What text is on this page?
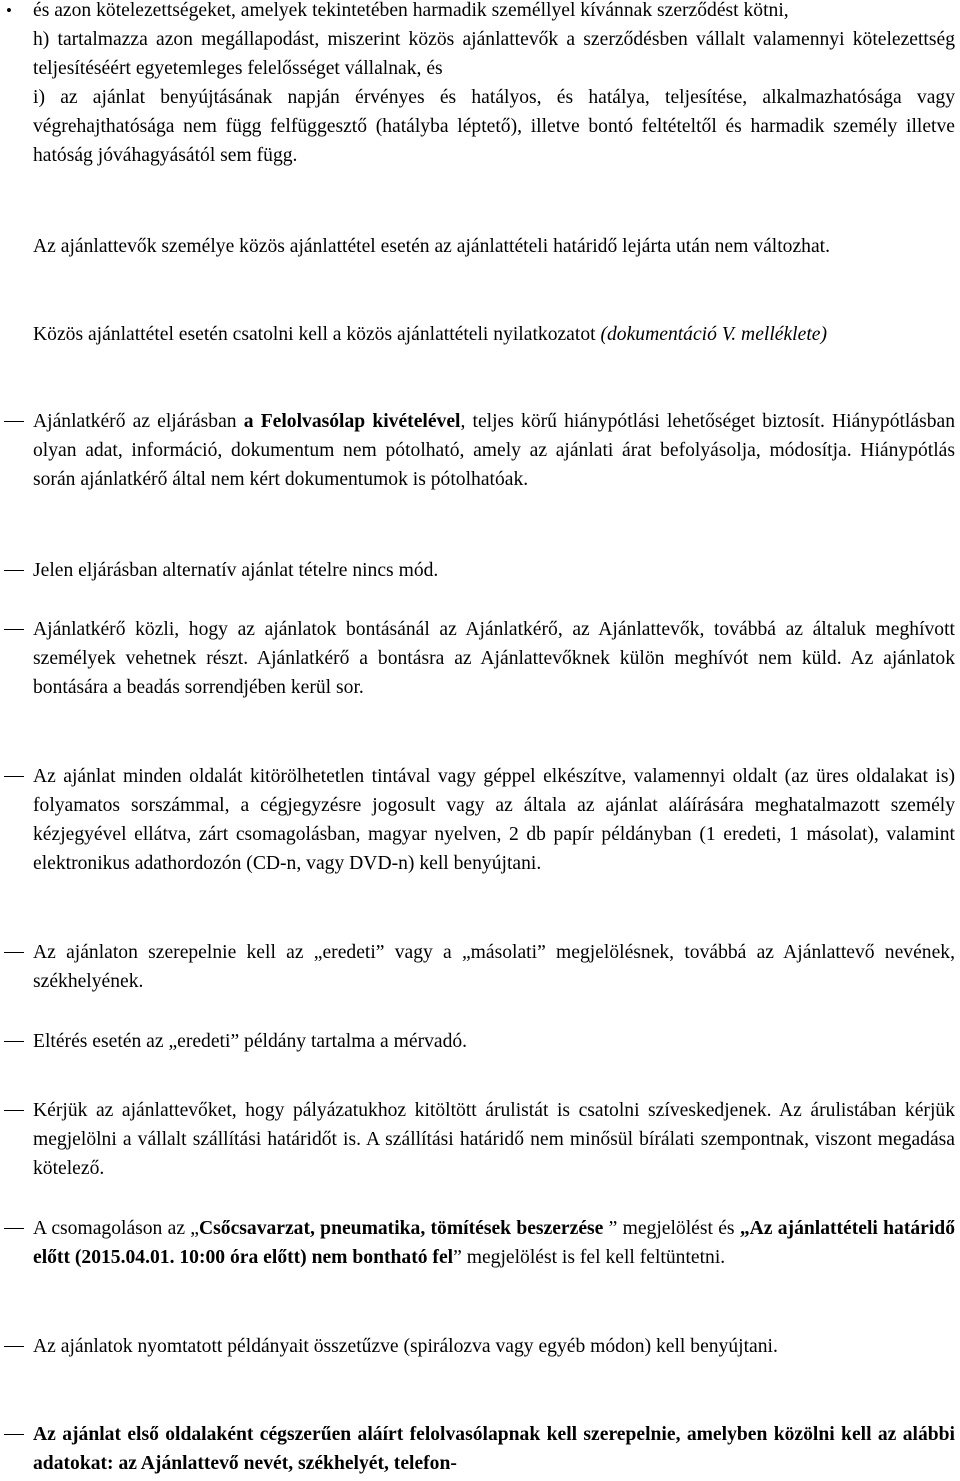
• és azon kötelezettségeket, amelyek tekintetében harmadik személlyel kívánnak szerződést kötni,
h) tartalmazza azon megállapodást, miszerint közös ajánlattevők a szerződésben vállalt valamennyi kötelezettség teljesítéséért egyetemleges felelősséget vállalnak, és
i) az ajánlat benyújtásának napján érvényes és hatályos, és hatálya, teljesítése, alkalmazhatósága vagy végrehajthatósága nem függ felfüggesztő (hatályba léptető), illetve bontó feltételtől és harmadik személy illetve hatóság jóváhagyásától sem függ.

Az ajánlattevők személye közös ajánlattétel esetén az ajánlattételi határidő lejárta után nem változhat.

Közös ajánlattétel esetén csatolni kell a közös ajánlattételi nyilatkozatot (dokumentáció V. melléklete)

Ajánlatkérő az eljárásban a Felolvasólap kivételével, teljes körű hiánypótlási lehetőséget biztosít. Hiánypótlásban olyan adat, információ, dokumentum nem pótolható, amely az ajánlati árat befolyásolja, módosítja. Hiánypótlás során ajánlatkérő által nem kért dokumentumok is pótolhatóak.
Jelen eljárásban alternatív ajánlat tételre nincs mód.
Ajánlatkérő közli, hogy az ajánlatok bontásánál az Ajánlatkérő, az Ajánlattevők, továbbá az általuk meghívott személyek vehetnek részt. Ajánlatkérő a bontásra az Ajánlattevőknek külön meghívót nem küld. Az ajánlatok bontására a beadás sorrendjében kerül sor.
Az ajánlat minden oldalát kitörölhetetlen tintával vagy géppel elkészítve, valamennyi oldalt (az üres oldalakat is) folyamatos sorszámmal, a cégjegyzésre jogosult vagy az általa az ajánlat aláírására meghatalmazott személy kézjegyével ellátva, zárt csomagolásban, magyar nyelven, 2 db papír példányban (1 eredeti, 1 másolat), valamint elektronikus adathordozón (CD-n, vagy DVD-n) kell benyújtani.
Az ajánlaton szerepelnie kell az „eredeti” vagy a „másolati” megjelölésnek, továbbá az Ajánlattevő nevének, székhelyének.
Eltérés esetén az „eredeti” példány tartalma a mérvadó.
Kérjük az ajánlattevőket, hogy pályázatukhoz kitöltött árulistát is csatolni szíveskedjenek. Az árulistában kérjük megjelölni a vállalt szállítási határidőt is. A szállítási határidő nem minősül bírálati szempontnak, viszont megadása kötelező.
A csomagoláson az „Csőcsavarzat, pneumatika, tömítések beszerzése ” megjelölést és „Az ajánlattételi határidő előtt (2015.04.01. 10:00 óra előtt) nem bontható fel” megjelölést is fel kell feltüntetni.
Az ajánlatok nyomtatott példányait összetűzve (spirálozva vagy egyéb módon) kell benyújtani.
Az ajánlat első oldalaként cégszerűen aláírt felolvasólapnak kell szerepelnie, amelyben közölni kell az alábbi adatokat: az Ajánlattevő nevét, székhelyét, telefon-
